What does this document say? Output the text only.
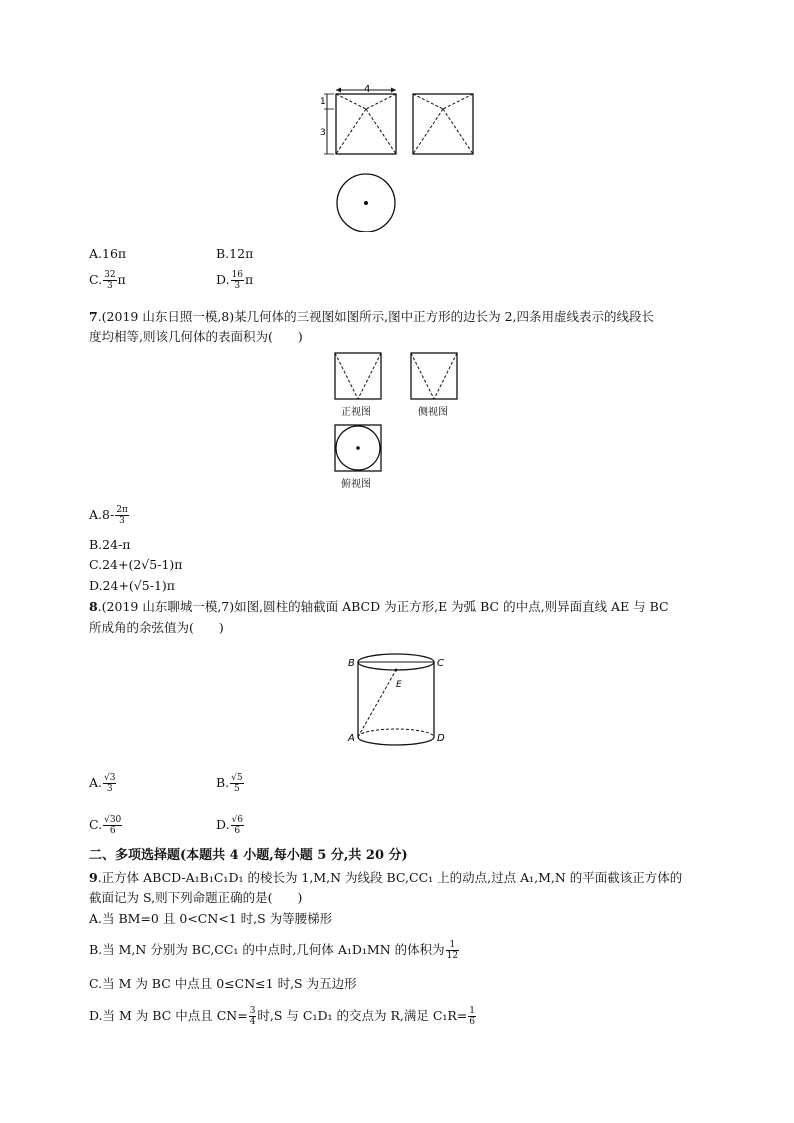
4
1
3
A.16π	B.12π
C. $\frac{32}{3}$ π	D. $\frac{16}{3}$ π
7.(2019 山东日照一模,8)某几何体的三视图如图所示,图中正方形的边长为 2,四条用虚线表示的线段长
度均相等,则该几何体的表面积为(　　)
正视图	侧视图
俯视图
$A.8- \frac{2\pi}{3}$
B.24-π
C.24+(2√5-1)π
D.24+(√5-1)π
8.(2019 山东聊城一模,7)如图,圆柱的轴截面 ABCD 为正方形,E 为弧 BC 的中点,则异面直线 AE 与 BC
所成角的余弦值为(　　)
B	C
E
A	D
A. $\frac{√3}{3}$	B. $\frac{√5}{5}$
C. $\frac{√30}{6}$	D. $\frac{√6}{6}$
二、多项选择题(本题共 4 小题,每小题 5 分,共 20 分)
9.正方体 ABCD-A₁B₁C₁D₁ 的棱长为 1,M,N 为线段 BC,CC₁ 上的动点,过点 A₁,M,N 的平面截该正方体的
截面记为 S,则下列命题正确的是(　　)
A.当 BM=0 且 0<CN<1 时,S 为等腰梯形
B.当 M,N 分别为 BC,CC₁ 的中点时,几何体 A₁D₁MN 的体积为 $\frac{1}{12}$
C.当 M 为 BC 中点且 0≤CN≤1 时,S 为五边形
D.当 M 为 BC 中点且 $CN= \frac{3}{4}$ 时,S 与 C₁D₁ 的交点为 R,满足 $C_1R= \frac{1}{6}$
